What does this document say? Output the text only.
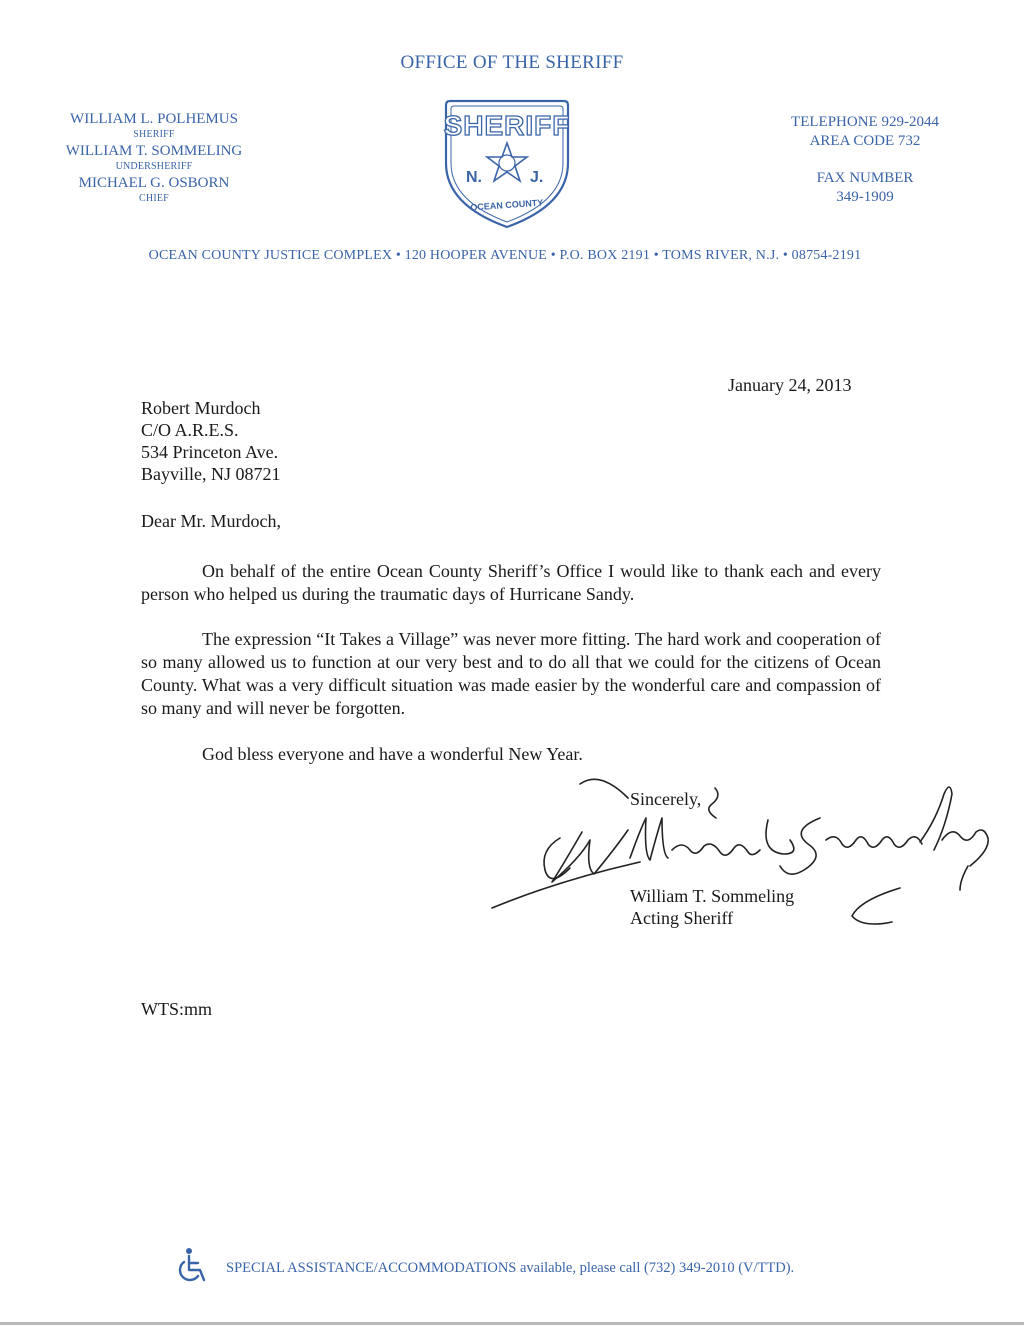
OFFICE OF THE SHERIFF
WILLIAM L. POLHEMUS
SHERIFF
WILLIAM T. SOMMELING
UNDERSHERIFF
MICHAEL G. OSBORN
CHIEF
SHERIFF
N.	J.
OCEAN COUNTY
TELEPHONE 929-2044
AREA CODE 732
FAX NUMBER
349-1909
OCEAN COUNTY JUSTICE COMPLEX • 120 HOOPER AVENUE • P.O. BOX 2191 • TOMS RIVER, N.J. • 08754-2191
January 24, 2013
Robert Murdoch
C/O A.R.E.S.
534 Princeton Ave.
Bayville, NJ 08721
Dear Mr. Murdoch,

On behalf of the entire Ocean County Sheriff’s Office I would like to thank each and every person who helped us during the traumatic days of Hurricane Sandy.

The expression “It Takes a Village” was never more fitting. The hard work and cooperation of so many allowed us to function at our very best and to do all that we could for the citizens of Ocean County. What was a very difficult situation was made easier by the wonderful care and compassion of so many and will never be forgotten.

God bless everyone and have a wonderful New Year.

Sincerely,
William T. Sommeling
Acting Sheriff
WTS:mm
SPECIAL ASSISTANCE/ACCOMMODATIONS available, please call (732) 349-2010 (V/TTD).
